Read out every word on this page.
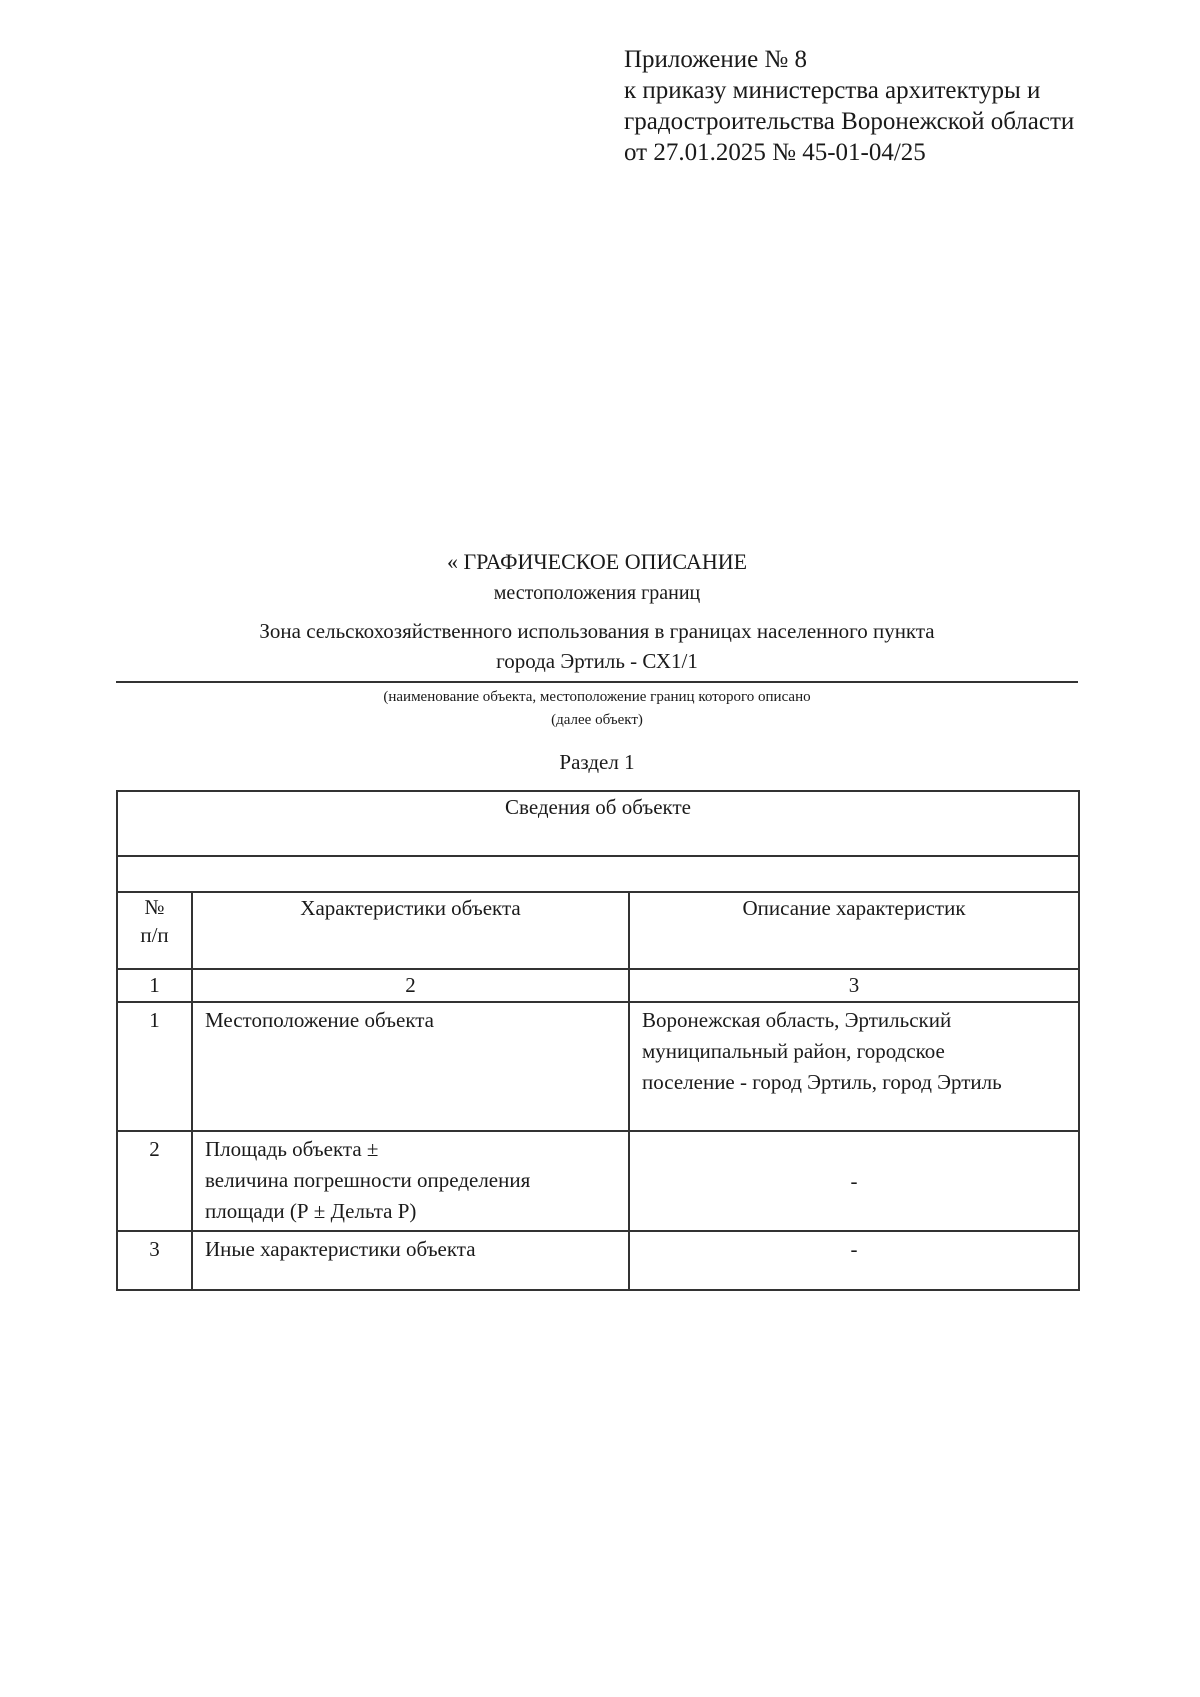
Приложение № 8
к приказу министерства архитектуры и
градостроительства Воронежской области
от 27.01.2025 № 45-01-04/25
« ГРАФИЧЕСКОЕ ОПИСАНИЕ
местоположения границ
Зона сельскохозяйственного использования в границах населенного пункта
города Эртиль - СХ1/1
(наименование объекта, местоположение границ которого описано
(далее объект)
Раздел 1
Сведения об объекте		

№
п/п	Характеристики объекта	Описание характеристик
1	2	3
1	Местоположение объекта	Воронежская область, Эртильский
муниципальный район, городское
поселение - город Эртиль, город Эртиль

2	Площадь объекта ±
величина погрешности определения
площади (Р ± Дельта Р)	-
3	Иные характеристики объекта	-
